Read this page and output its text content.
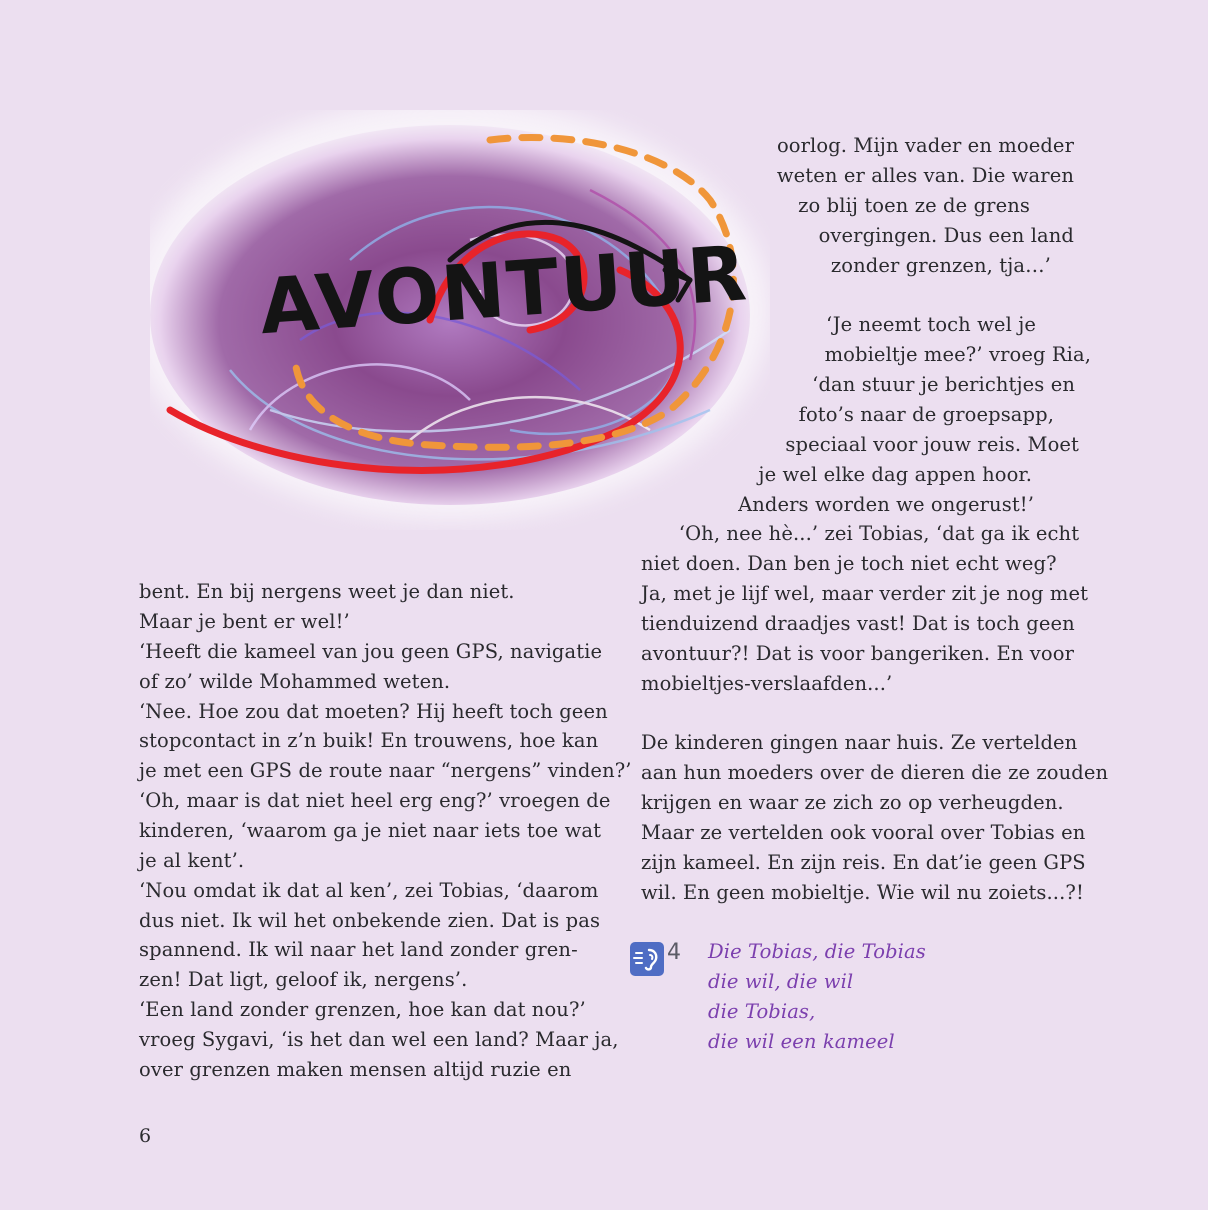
AVONTUUR
oorlog. Mijn vader en moeder
weten er alles van. Die waren
zo blij toen ze de grens
overgingen. Dus een land
zonder grenzen, tja…’
‘Je neemt toch wel je
mobieltje mee?’ vroeg Ria,
‘dan stuur je berichtjes en
foto’s naar de groepsapp,
speciaal voor jouw reis. Moet
je wel elke dag appen hoor.
Anders worden we ongerust!’
‘Oh, nee hè...’ zei Tobias, ‘dat ga ik echt
niet doen. Dan ben je toch niet echt weg?
Ja, met je lijf wel, maar verder zit je nog met
tienduizend draadjes vast! Dat is toch geen
avontuur?! Dat is voor bangeriken. En voor
mobieltjes-verslaafden...’
De kinderen gingen naar huis. Ze vertelden
aan hun moeders over de dieren die ze zouden
krijgen en waar ze zich zo op verheugden.
Maar ze vertelden ook vooral over Tobias en
zijn kameel. En zijn reis. En dat’ie geen GPS
wil. En geen mobieltje. Wie wil nu zoiets...?!
bent. En bij nergens weet je dan niet.
Maar je bent er wel!’
‘Heeft die kameel van jou geen GPS, navigatie
of zo’ wilde Mohammed weten.
‘Nee. Hoe zou dat moeten? Hij heeft toch geen
stopcontact in z’n buik! En trouwens, hoe kan
je met een GPS de route naar “nergens” vinden?’
‘Oh, maar is dat niet heel erg eng?’ vroegen de
kinderen, ‘waarom ga je niet naar iets toe wat
je al kent’.
‘Nou omdat ik dat al ken’, zei Tobias, ‘daarom
dus niet. Ik wil het onbekende zien. Dat is pas
spannend. Ik wil naar het land zonder gren-
zen! Dat ligt, geloof ik, nergens’.
‘Een land zonder grenzen, hoe kan dat nou?’
vroeg Sygavi, ‘is het dan wel een land? Maar ja,
over grenzen maken mensen altijd ruzie en
4 Die Tobias, die Tobias
die wil, die wil
die Tobias,
die wil een kameel
6
